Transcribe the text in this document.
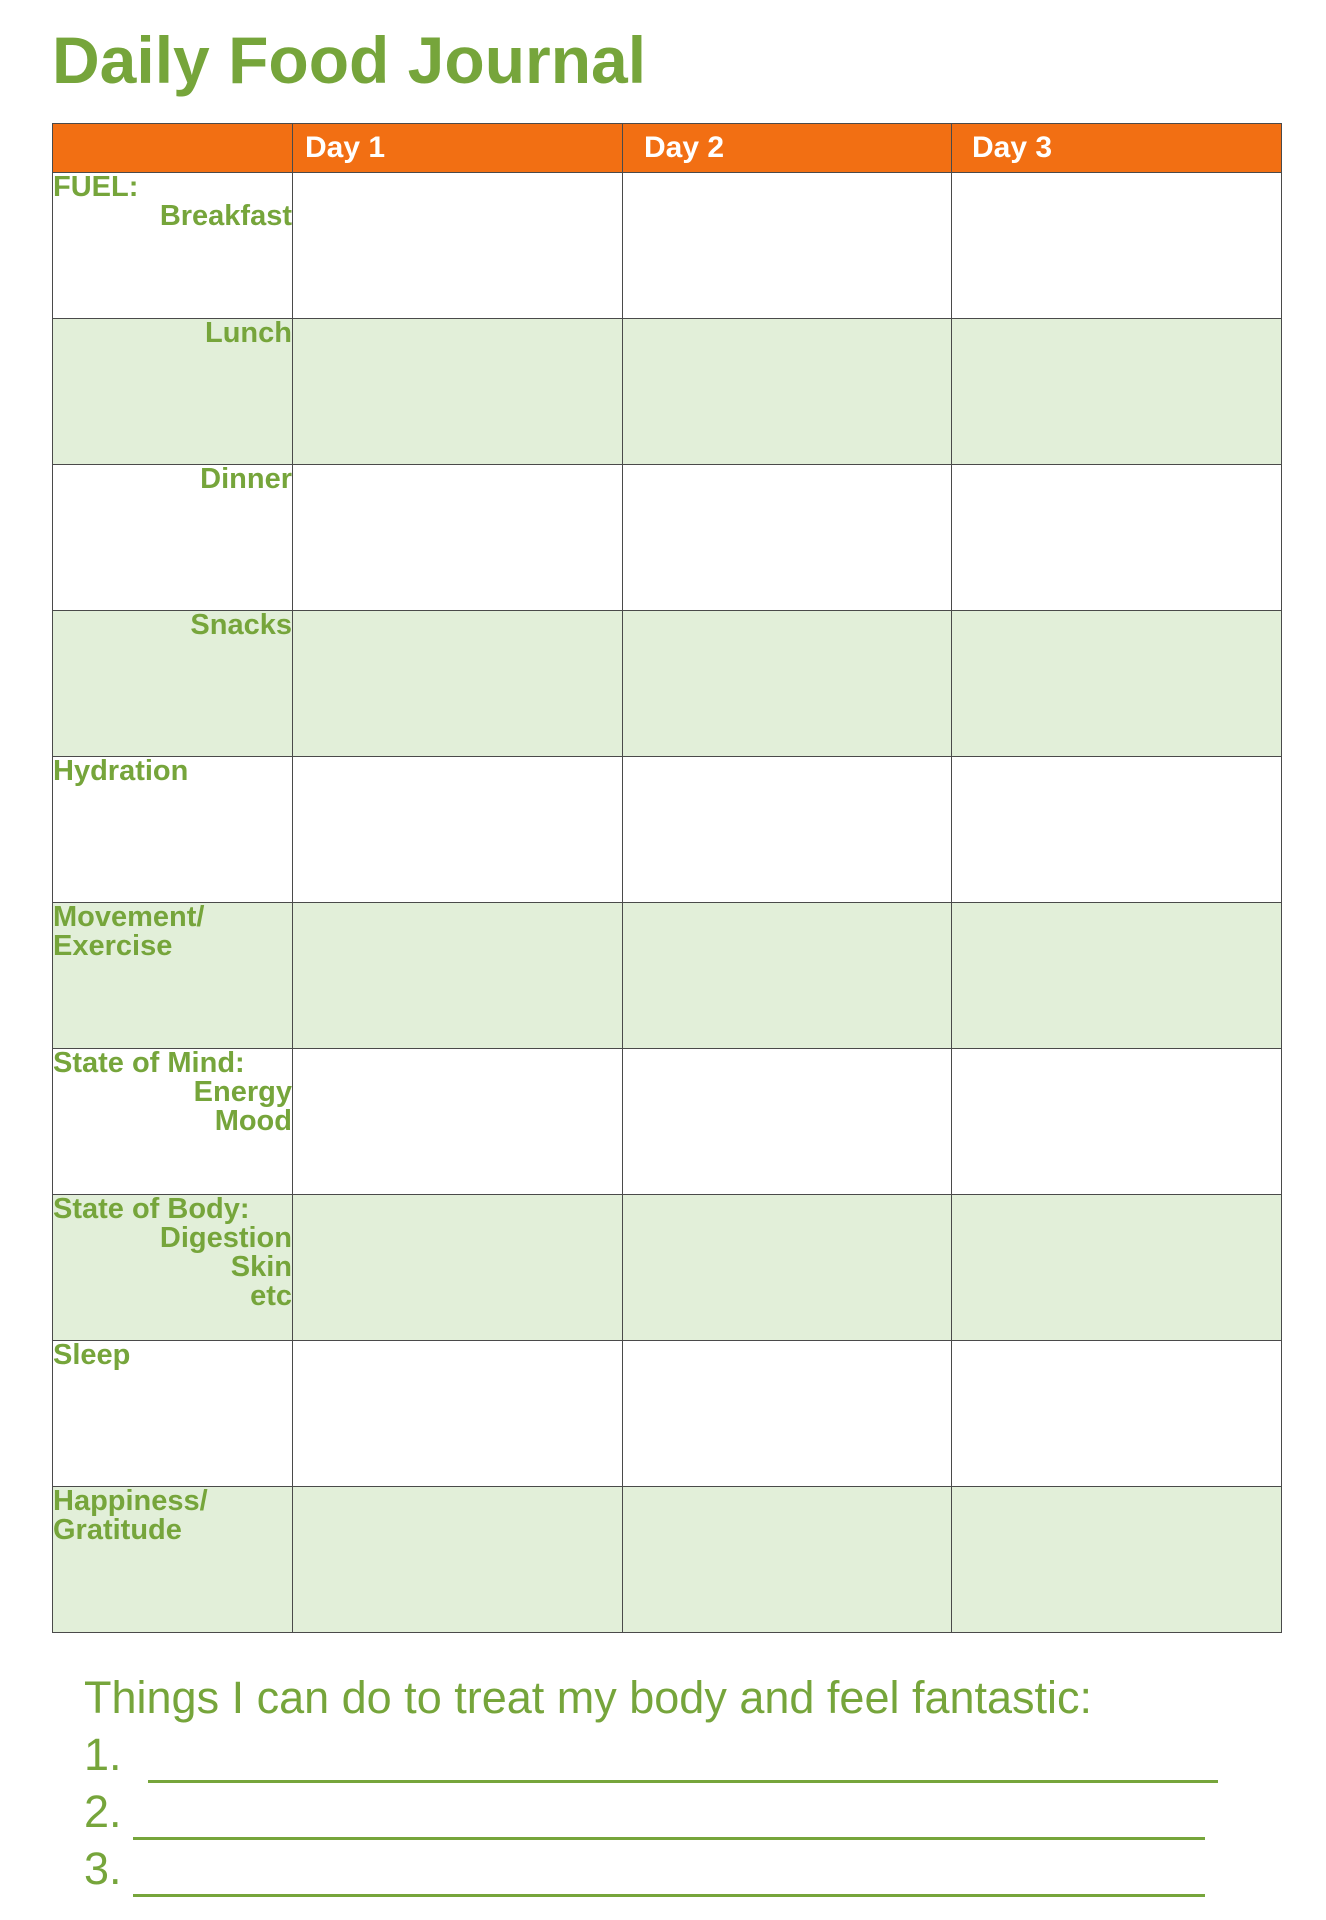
Daily Food Journal
	Day 1	Day 2	Day 3

FUEL:
Breakfast			

Lunch			

Dinner			

Snacks			

Hydration			

Movement/
Exercise			

State of Mind:
Energy
Mood			

State of Body:
Digestion
Skin
etc			

Sleep			

Happiness/
Gratitude			

Things I can do to treat my body and feel fantastic:
1.
2.
3.
